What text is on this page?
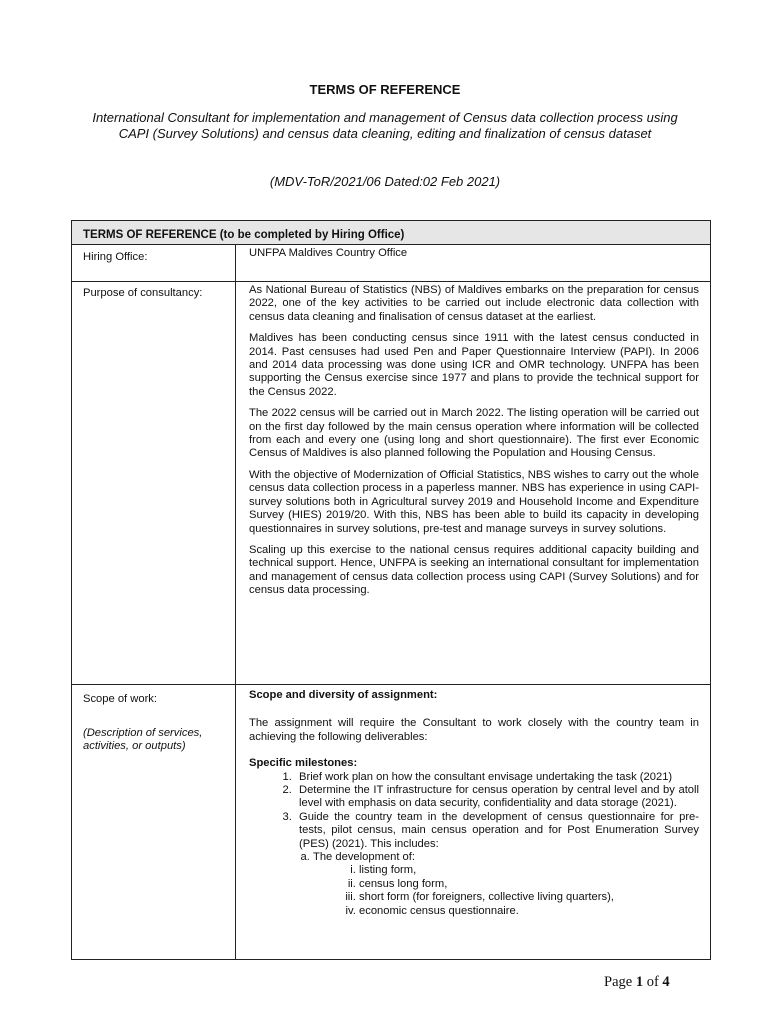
TERMS OF REFERENCE
International Consultant for implementation and management of Census data collection process using CAPI (Survey Solutions) and census data cleaning, editing and finalization of census dataset
(MDV-ToR/2021/06 Dated:02 Feb 2021)
TERMS OF REFERENCE (to be completed by Hiring Office)
Hiring Office:	UNFPA Maldives Country Office
Purpose of consultancy:	As National Bureau of Statistics (NBS) of Maldives embarks on the preparation for census 2022, one of the key activities to be carried out include electronic data collection with census data cleaning and finalisation of census dataset at the earliest.

Maldives has been conducting census since 1911 with the latest census conducted in 2014. Past censuses had used Pen and Paper Questionnaire Interview (PAPI). In 2006 and 2014 data processing was done using ICR and OMR technology. UNFPA has been supporting the Census exercise since 1977 and plans to provide the technical support for the Census 2022.

The 2022 census will be carried out in March 2022. The listing operation will be carried out on the first day followed by the main census operation where information will be collected from each and every one (using long and short questionnaire). The first ever Economic Census of Maldives is also planned following the Population and Housing Census.

With the objective of Modernization of Official Statistics, NBS wishes to carry out the whole census data collection process in a paperless manner. NBS has experience in using CAPI- survey solutions both in Agricultural survey 2019 and Household Income and Expenditure Survey (HIES) 2019/20. With this, NBS has been able to build its capacity in developing questionnaires in survey solutions, pre-test and manage surveys in survey solutions.

Scaling up this exercise to the national census requires additional capacity building and technical support. Hence, UNFPA is seeking an international consultant for implementation and management of census data collection process using CAPI (Survey Solutions) and for census data processing.

Scope of work:
(Description of services, activities, or outputs)

Scope and diversity of assignment:

The assignment will require the Consultant to work closely with the country team in achieving the following deliverables:

Specific milestones:
1. Brief work plan on how the consultant envisage undertaking the task (2021)
2. Determine the IT infrastructure for census operation by central level and by atoll level with emphasis on data security, confidentiality and data storage (2021).
3. Guide the country team in the development of census questionnaire for pre-tests, pilot census, main census operation and for Post Enumeration Survey (PES) (2021). This includes:
a. The development of:
i. listing form,
ii. census long form,
iii. short form (for foreigners, collective living quarters),
iv. economic census questionnaire.
Page 1 of 4
